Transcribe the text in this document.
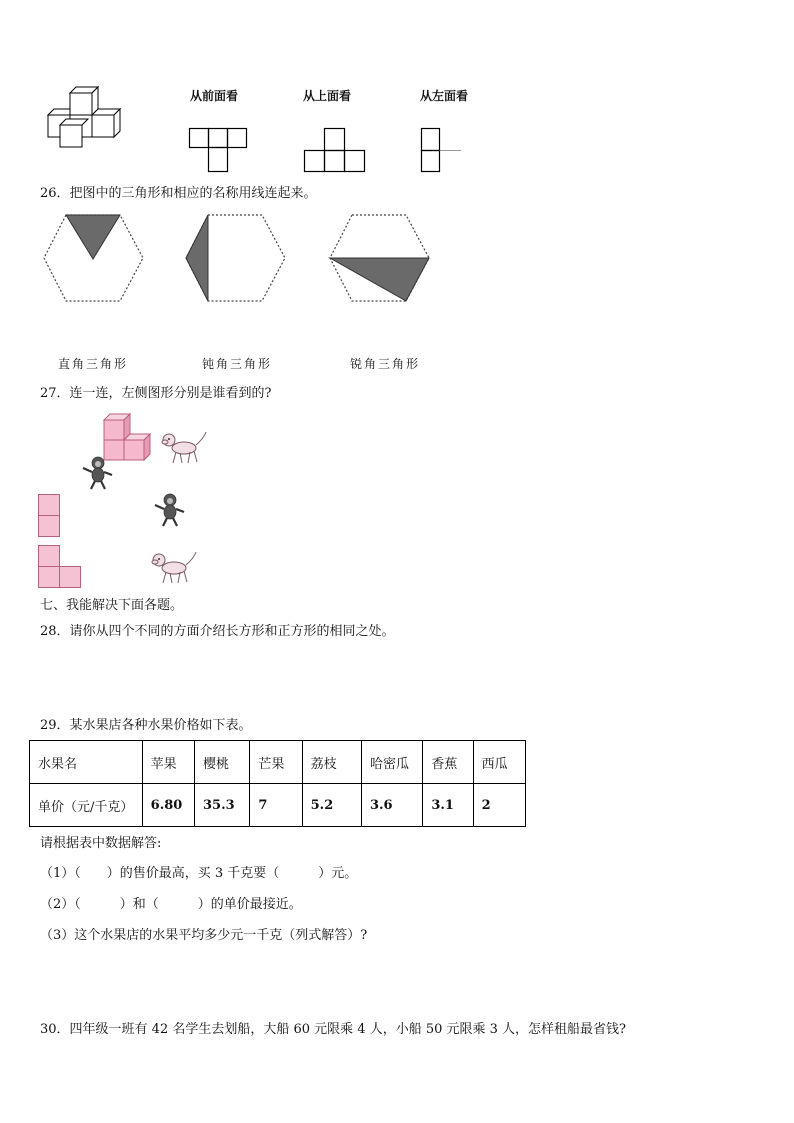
从前面看	从上面看	从左面看
26．把图中的三角形和相应的名称用线连起来。
直角三角形	钝角三角形	锐角三角形
27．连一连，左侧图形分别是谁看到的?
七、我能解决下面各题。
28．请你从四个不同的方面介绍长方形和正方形的相同之处。
29．某水果店各种水果价格如下表。
水果名	苹果	樱桃	芒果	荔枝	哈密瓜	香蕉	西瓜
单价（元/千克）	6.80	35.3	7	5.2	3.6	3.1	2
请根据表中数据解答:
（1）（　　）的售价最高，买 3 千克要（　　　）元。
（2）（　　　）和（　　　）的单价最接近。
（3）这个水果店的水果平均多少元一千克（列式解答）?
30．四年级一班有 42 名学生去划船，大船 60 元限乘 4 人，小船 50 元限乘 3 人，怎样租船最省钱?
